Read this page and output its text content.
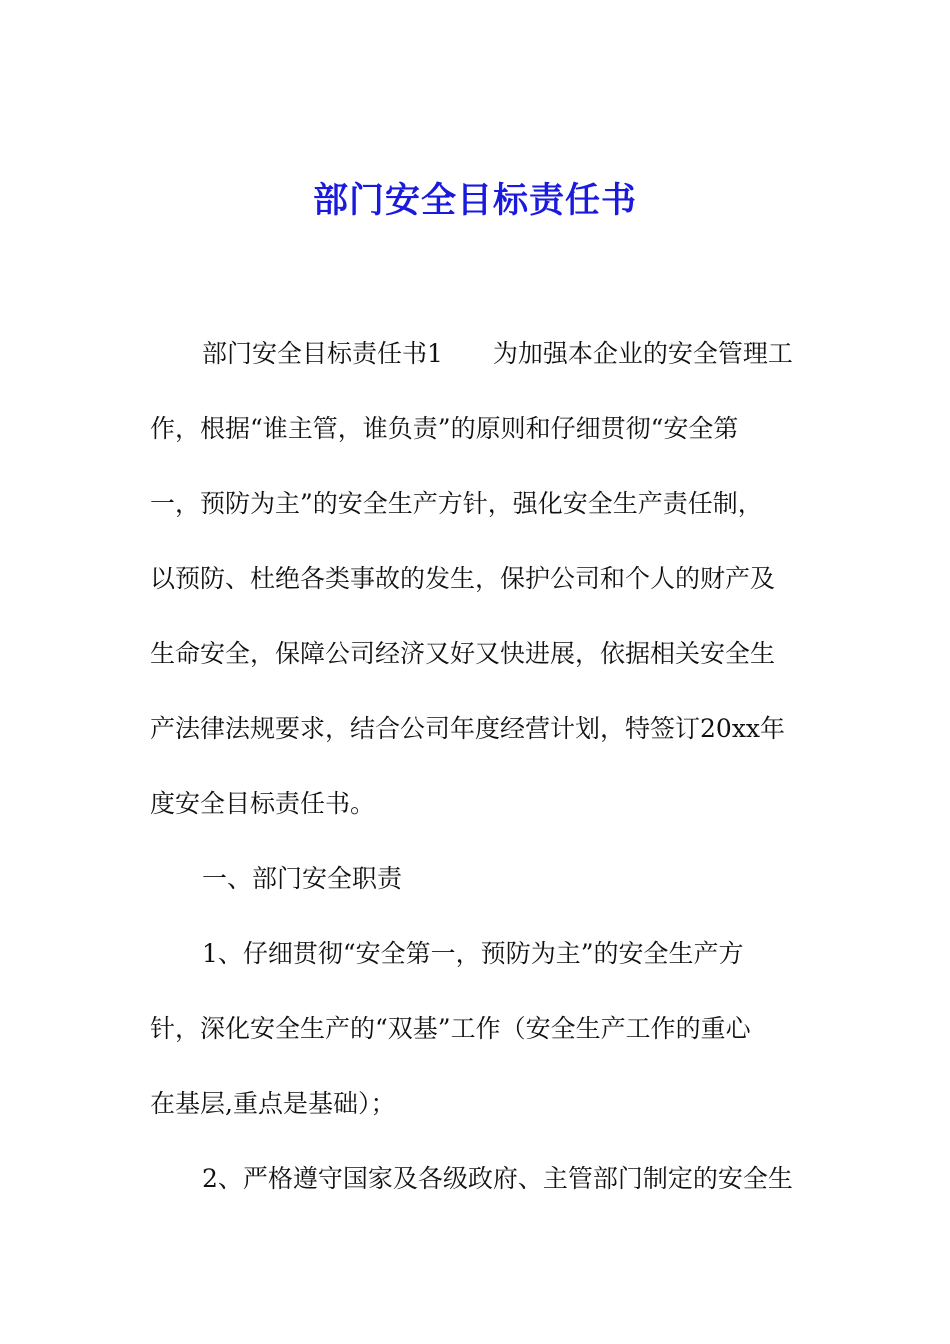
部门安全目标责任书
部门安全目标责任书1 为加强本企业的安全管理工
作，根据“谁主管，谁负责”的原则和仔细贯彻“安全第
一，预防为主”的安全生产方针，强化安全生产责任制，
以预防、杜绝各类事故的发生，保护公司和个人的财产及
生命安全，保障公司经济又好又快进展，依据相关安全生
产法律法规要求，结合公司年度经营计划，特签订20xx年
度安全目标责任书。
一、部门安全职责
1、仔细贯彻“安全第一，预防为主”的安全生产方
针，深化安全生产的“双基”工作（安全生产工作的重心
在基层,重点是基础）；
2、严格遵守国家及各级政府、主管部门制定的安全生
